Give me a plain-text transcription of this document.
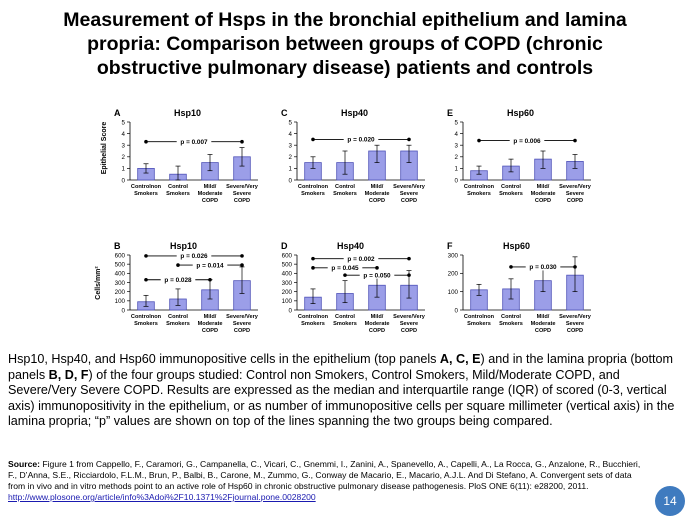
Measurement of Hsps in the bronchial epithelium and lamina
propria: Comparison between groups of COPD (chronic
obstructive pulmonary disease) patients and controls
A	Hsp10
Epithelial Score
0
1
2
3
4
5
Controlnon
Smokers
Control
Smokers
Mild/
Moderate
COPD
Severe/Very
Severe
COPD
p = 0.007
C	Hsp40
0
1
2
3
4
5
Controlnon
Smokers
Control
Smokers
Mild/
Moderate
COPD
Severe/Very
Severe
COPD
p = 0.020
E	Hsp60
0
1
2
3
4
5
Controlnon
Smokers
Control
Smokers
Mild/
Moderate
COPD
Severe/Very
Severe
COPD
p = 0.006
B	Hsp10
Cells/mm²
0
100
200
300
400
500
600
Controlnon
Smokers
Control
Smokers
Mild/
Moderate
COPD
Severe/Very
Severe
COPD
p = 0.026
p = 0.014
p = 0.028
D	Hsp40
0
100
200
300
400
500
600
Controlnon
Smokers
Control
Smokers
Mild/
Moderate
COPD
Severe/Very
Severe
COPD
p = 0.002
p = 0.045
p = 0.050
F	Hsp60
0
100
200
300
Controlnon
Smokers
Control
Smokers
Mild/
Moderate
COPD
Severe/Very
Severe
COPD
p = 0.030
Hsp10, Hsp40, and Hsp60 immunopositive cells in the epithelium (top panels A, C, E) and in the lamina propria (bottom panels B, D, F) of the four groups studied: Control non Smokers, Control Smokers, Mild/Moderate COPD, and Severe/Very Severe COPD. Results are expressed as the median and interquartile range (IQR) of scored (0-3, vertical axis) immunopositivity in the epithelium, or as number of immunopositive cells per square millimeter (vertical axis) in the lamina propria; “p” values are shown on top of the lines spanning the two groups being compared.
Source: Figure 1 from Cappello, F., Caramori, G., Campanella, C., Vicari, C., Gnemmi, I., Zanini, A., Spanevello, A., Capelli, A., La Rocca, G., Anzalone, R., Bucchieri, F., D’Anna, S.E., Ricciardolo, F.L.M., Brun, P., Balbi, B., Carone, M., Zummo, G., Conway de Macario, E., Macario, A.J.L. And Di Stefano, A. Convergent sets of data from in vivo and in vitro methods point to an active role of Hsp60 in chronic obstructive pulmonary disease pathogenesis. PloS ONE 6(11): e28200, 2011. http://www.plosone.org/article/info%3Adoi%2F10.1371%2Fjournal.pone.0028200	14
